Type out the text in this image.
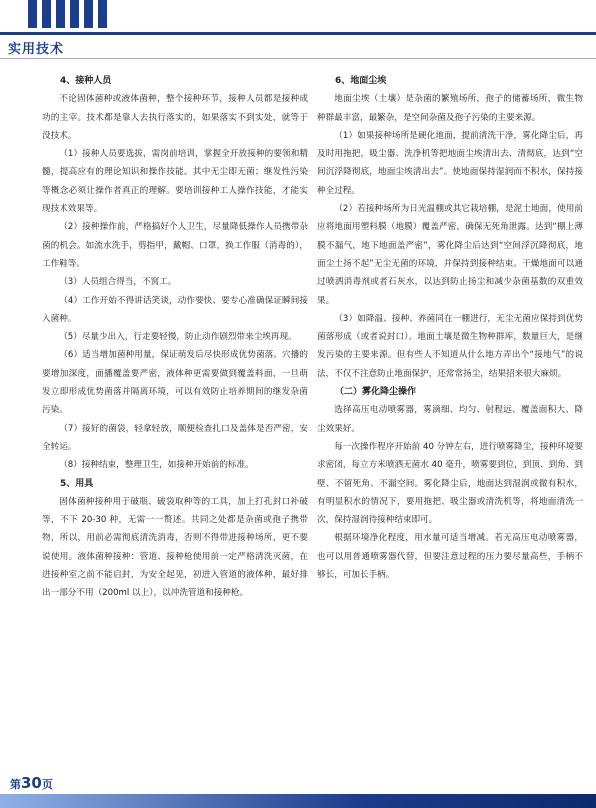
实用技术
4、接种人员

不论固体菌种或液体菌种，整个接种环节，接种人员都是接种成功的主宰。技术都是靠人去执行落实的，如果落实不到实处，就等于没技术。

（1）接种人员要选拔，需岗前培训，掌握全开放接种的要领和精髓，提高应有的理论知识和操作技能。其中无尘即无菌；继发性污染等概念必须让操作者真正的理解。要培训接种工人操作技能，才能实现技术效果等。

（2）接种操作前，严格搞好个人卫生，尽量降低操作人员携带杂菌的机会。如流水洗手，剪指甲，戴帽、口罩，换工作服（消毒的），工作鞋等。

（3）人员组合得当，不窝工。

（4）工作开始不得讲话笑谈，动作要快、要专心准确保证瞬间接入菌种。

（5）尽量少出入，行走要轻慢，防止动作剧烈带来尘埃再现。

（6）适当增加菌种用量，保证萌发后尽快形成优势菌落。穴播的要增加深度，面播覆盖要严密，液体种更需要做到覆盖料面，一旦萌发立即形成优势菌落并隔离环境，可以有效防止培养期间的继发杂菌污染。

（7）接好的菌袋，轻拿轻放，顺便检查扎口及盖体是否严密，安全转运。

（8）接种结束，整理卫生，如接种开始前的标准。

5、用具

固体菌种接种用于破瓶、破袋取种等的工具，加上打孔封口补破等，不下 20-30 种，无需一一赘述。共同之处都是杂菌或孢子携带物，所以，用前必需彻底清洗消毒，否则不得带进接种场所，更不要说使用。液体菌种接种：管道、接种枪使用前一定严格清洗灭菌，在进接种室之前不能启封，为安全起见，初进入管道的液体种，最好排出一部分不用（200ml 以上），以冲洗管道和接种枪。

6、地面尘埃

地面尘埃（土壤）是杂菌的繁殖场所，孢子的储蓄场所，微生物种群最丰富，最繁杂，是空间杂菌及孢子污染的主要来源。

（1）如果接种场所是硬化地面，提前清洗干净，雾化降尘后，再及时用拖把，吸尘器、洗净机等把地面尘埃清出去、清彻底，达到“空间沉浮降彻底，地面尘埃清出去”。使地面保持湿润而不积水，保持接种全过程。

（2）若接种场所为日光温棚或其它栽培棚，是泥土地面，使用前应将地面用塑料膜（地膜）覆盖严密，确保无死角泄露。达到“棚上薄膜不漏气，地下地面盖严密”，雾化降尘后达到“空间浮沉降彻底，地面尘土扬不起”无尘无菌的环境，并保持到接种结束。干燥地面可以通过喷洒消毒剂或者石灰水，以达到防止扬尘和减少杂菌基数的双重效果。

（3）如降温、接种、养菌同在一棚进行，无尘无菌应保持到优势菌落形成（或者说封口）。地面土壤是微生物种群库，数量巨大，是继发污染的主要来源。但有些人不知道从什么地方弄出个“接地气”的说法，不仅不注意防止地面保护，还常常扬尘，结果招来很大麻烦。

（二）雾化降尘操作

选择高压电动喷雾器，雾滴细、均匀、射程远、覆盖面积大、降尘效果好。

每一次操作程序开始前 40 分钟左右，进行喷雾降尘，接种环境要求密闭，每立方米喷洒无菌水 40 毫升，喷雾要到位，到顶、到角、到壁、不留死角、不漏空间。雾化降尘后，地面达到湿润或微有积水，有明显积水的情况下，要用拖把、吸尘器或清洗机等，将地面清洗一次，保持湿润待接种结束即可。

根据环境净化程度，用水量可适当增减。若无高压电动喷雾器，也可以用普通喷雾器代替，但要注意过程的压力要尽量高些，手柄不够长，可加长手柄。

第30页
